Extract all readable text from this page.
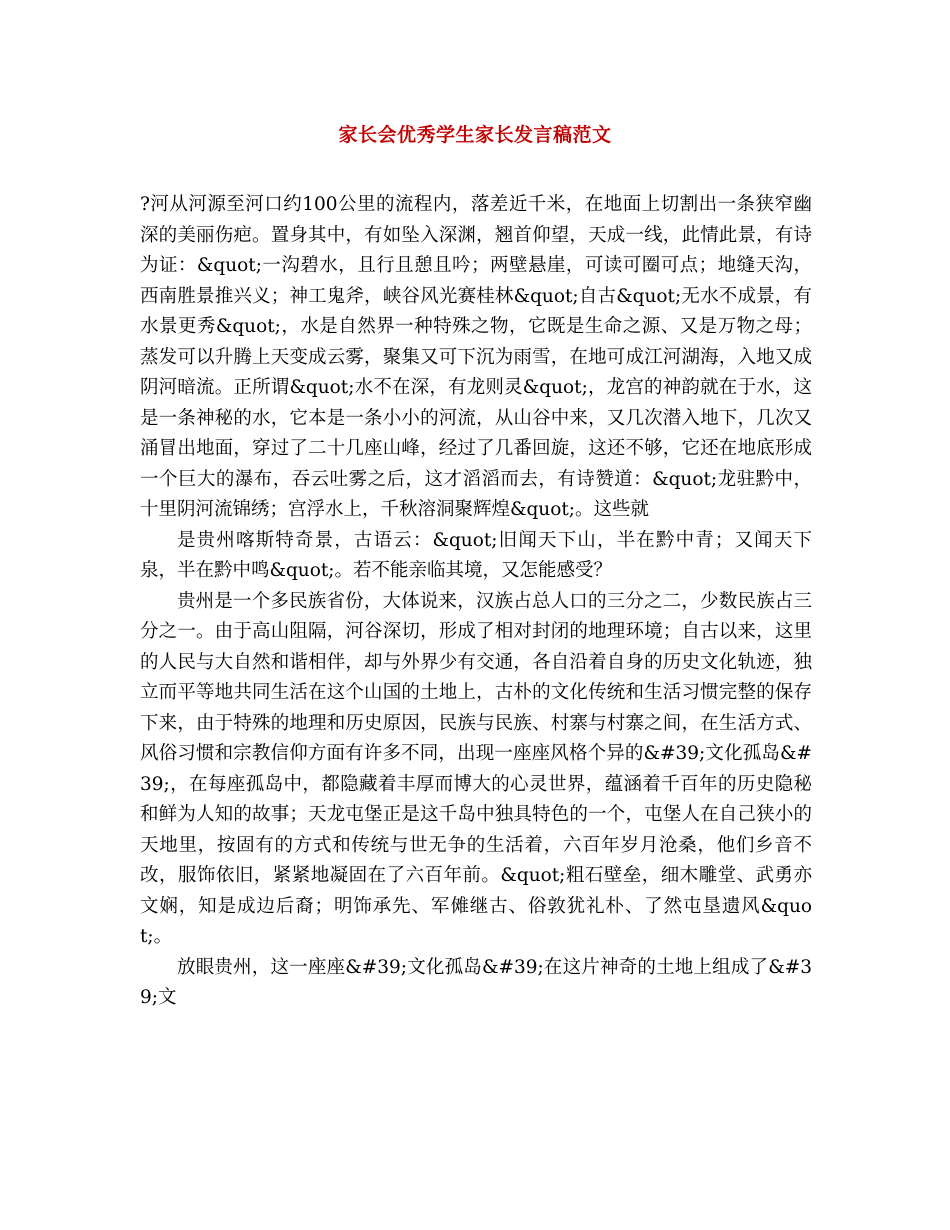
家长会优秀学生家长发言稿范文

?河从河源至河口约100公里的流程内，落差近千米，在地面上切割出一条狭窄幽深的美丽伤疤。置身其中，有如坠入深渊，翘首仰望，天成一线，此情此景，有诗为证：&quot;一沟碧水，且行且憩且吟；两壁悬崖，可读可圈可点；地缝天沟，西南胜景推兴义；神工鬼斧，峡谷风光赛桂林&quot;自古&quot;无水不成景，有水景更秀&quot;，水是自然界一种特殊之物，它既是生命之源、又是万物之母；蒸发可以升腾上天变成云雾，聚集又可下沉为雨雪，在地可成江河湖海，入地又成阴河暗流。正所谓&quot;水不在深，有龙则灵&quot;，龙宫的神韵就在于水，这是一条神秘的水，它本是一条小小的河流，从山谷中来，又几次潜入地下，几次又涌冒出地面，穿过了二十几座山峰，经过了几番回旋，这还不够，它还在地底形成一个巨大的瀑布，吞云吐雾之后，这才滔滔而去，有诗赞道：&quot;龙驻黔中，十里阴河流锦绣；宫浮水上，千秋溶洞聚辉煌&quot;。这些就

是贵州喀斯特奇景，古语云：&quot;旧闻天下山，半在黔中青；又闻天下泉，半在黔中鸣&quot;。若不能亲临其境，又怎能感受？

贵州是一个多民族省份，大体说来，汉族占总人口的三分之二，少数民族占三分之一。由于高山阻隔，河谷深切，形成了相对封闭的地理环境；自古以来，这里的人民与大自然和谐相伴，却与外界少有交通，各自沿着自身的历史文化轨迹，独立而平等地共同生活在这个山国的土地上，古朴的文化传统和生活习惯完整的保存下来，由于特殊的地理和历史原因，民族与民族、村寨与村寨之间，在生活方式、风俗习惯和宗教信仰方面有许多不同，出现一座座风格个异的&#39;文化孤岛&#39;，在每座孤岛中，都隐藏着丰厚而博大的心灵世界，蕴涵着千百年的历史隐秘和鲜为人知的故事；天龙屯堡正是这千岛中独具特色的一个，屯堡人在自己狭小的天地里，按固有的方式和传统与世无争的生活着，六百年岁月沧桑，他们乡音不改，服饰依旧，紧紧地凝固在了六百年前。&quot;粗石壁垒，细木雕堂、武勇亦文娴，知是成边后裔；明饰承先、军傩继古、俗敦犹礼朴、了然屯垦遗风&quot;。

放眼贵州，这一座座&#39;文化孤岛&#39;在这片神奇的土地上组成了&#39;文
